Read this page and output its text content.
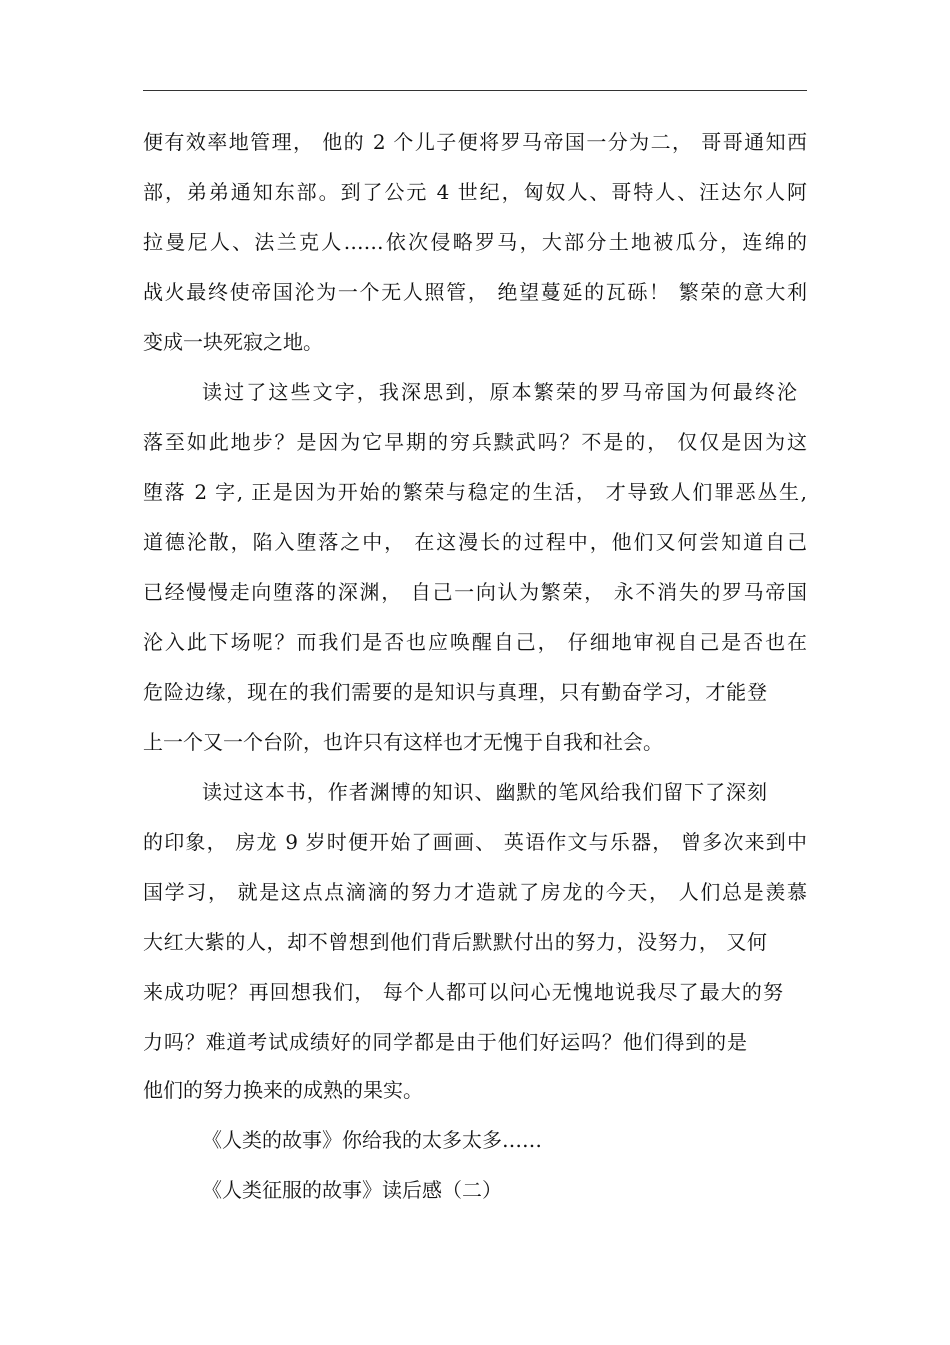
便有效率地管理， 他的 2 个儿子便将罗马帝国一分为二， 哥哥通知西
部，弟弟通知东部。到了公元 4 世纪，匈奴人、哥特人、汪达尔人阿
拉曼尼人、法兰克人……依次侵略罗马，大部分土地被瓜分，连绵的
战火最终使帝国沦为一个无人照管， 绝望蔓延的瓦砾！ 繁荣的意大利
变成一块死寂之地。
读过了这些文字，我深思到，原本繁荣的罗马帝国为何最终沦
落至如此地步？是因为它早期的穷兵黩武吗？不是的， 仅仅是因为这
堕落 2 字, 正是因为开始的繁荣与稳定的生活， 才导致人们罪恶丛生,
道德沦散，陷入堕落之中， 在这漫长的过程中，他们又何尝知道自己
已经慢慢走向堕落的深渊， 自己一向认为繁荣， 永不消失的罗马帝国
沦入此下场呢？而我们是否也应唤醒自己， 仔细地审视自己是否也在
危险边缘，现在的我们需要的是知识与真理，只有勤奋学习，才能登
上一个又一个台阶，也许只有这样也才无愧于自我和社会。
读过这本书，作者渊博的知识、幽默的笔风给我们留下了深刻
的印象， 房龙 9 岁时便开始了画画、 英语作文与乐器， 曾多次来到中
国学习， 就是这点点滴滴的努力才造就了房龙的今天， 人们总是羡慕
大红大紫的人，却不曾想到他们背后默默付出的努力，没努力， 又何
来成功呢？再回想我们， 每个人都可以问心无愧地说我尽了最大的努
力吗？难道考试成绩好的同学都是由于他们好运吗？他们得到的是
他们的努力换来的成熟的果实。
《人类的故事》你给我的太多太多……
《人类征服的故事》读后感（二）
